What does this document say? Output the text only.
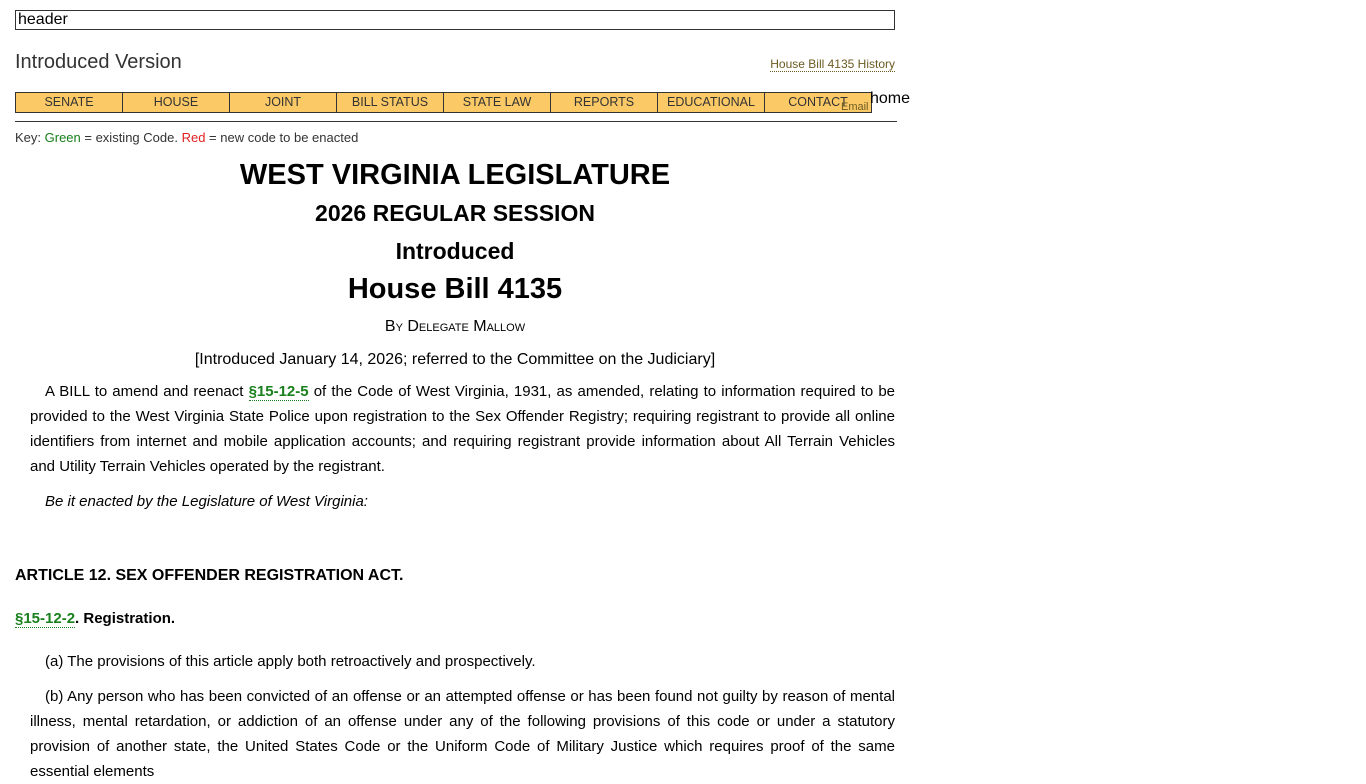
header
Introduced Version	House Bill 4135 History
SENATE	HOUSE	JOINT	BILL STATUS	STATE LAW	REPORTS	EDUCATIONAL	CONTACT
Email home
Key: Green = existing Code. Red = new code to be enacted
WEST VIRGINIA LEGISLATURE
2026 REGULAR SESSION
Introduced
House Bill 4135
By Delegate Mallow
[Introduced January 14, 2026; referred to the Committee on the Judiciary]

A BILL to amend and reenact §15-12-5 of the Code of West Virginia, 1931, as amended, relating to information required to be provided to the West Virginia State Police upon registration to the Sex Offender Registry; requiring registrant to provide all online identifiers from internet and mobile application accounts; and requiring registrant provide information about All Terrain Vehicles and Utility Terrain Vehicles operated by the registrant.

Be it enacted by the Legislature of West Virginia:

ARTICLE 12. SEX OFFENDER REGISTRATION ACT.
§15-12-2. Registration.

(a) The provisions of this article apply both retroactively and prospectively.

(b) Any person who has been convicted of an offense or an attempted offense or has been found not guilty by reason of mental illness, mental retardation, or addiction of an offense under any of the following provisions of this code or under a statutory provision of another state, the United States Code or the Uniform Code of Military Justice which requires proof of the same essential elements
